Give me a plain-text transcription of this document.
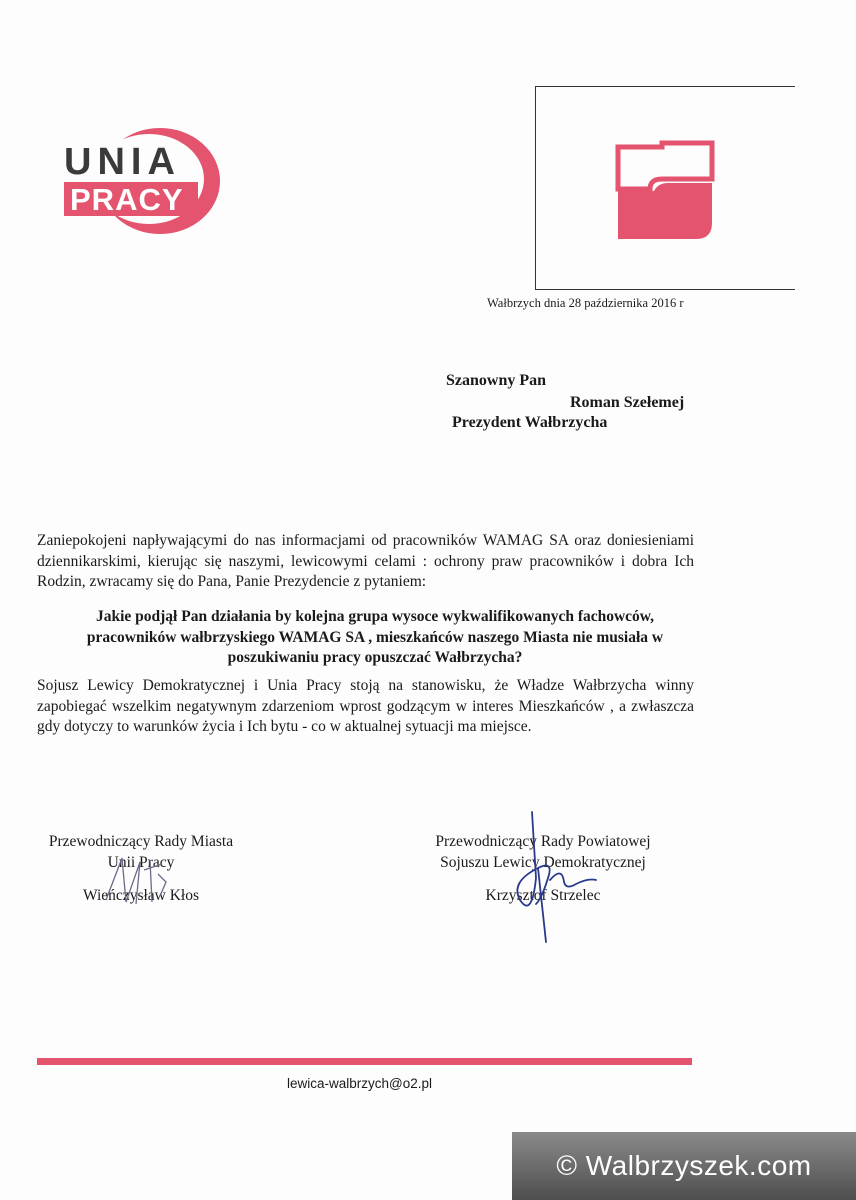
UNIA
PRACY
Wałbrzych dnia 28 października 2016 r
Szanowny Pan
Roman Szełemej
Prezydent Wałbrzycha
Zaniepokojeni napływającymi do nas informacjami od pracowników WAMAG SA oraz doniesieniami dziennikarskimi, kierując się naszymi, lewicowymi celami : ochrony praw pracowników i dobra Ich Rodzin, zwracamy się do Pana, Panie Prezydencie z pytaniem:
Jakie podjął Pan działania by kolejna grupa wysoce wykwalifikowanych fachowców, pracowników wałbrzyskiego WAMAG SA , mieszkańców naszego Miasta nie musiała w poszukiwaniu pracy opuszczać Wałbrzycha?
Sojusz Lewicy Demokratycznej i Unia Pracy stoją na stanowisku, że Władze Wałbrzycha winny zapobiegać wszelkim negatywnym zdarzeniom wprost godzącym w interes Mieszkańców , a zwłaszcza gdy dotyczy to warunków życia i Ich bytu - co w aktualnej sytuacji ma miejsce.
Przewodniczący Rady Miasta
Unii Pracy
Wieńczysław Kłos
Przewodniczący Rady Powiatowej
Sojuszu Lewicy Demokratycznej
Krzysztof Strzelec
lewica-walbrzych@o2.pl
© Walbrzyszek.com
